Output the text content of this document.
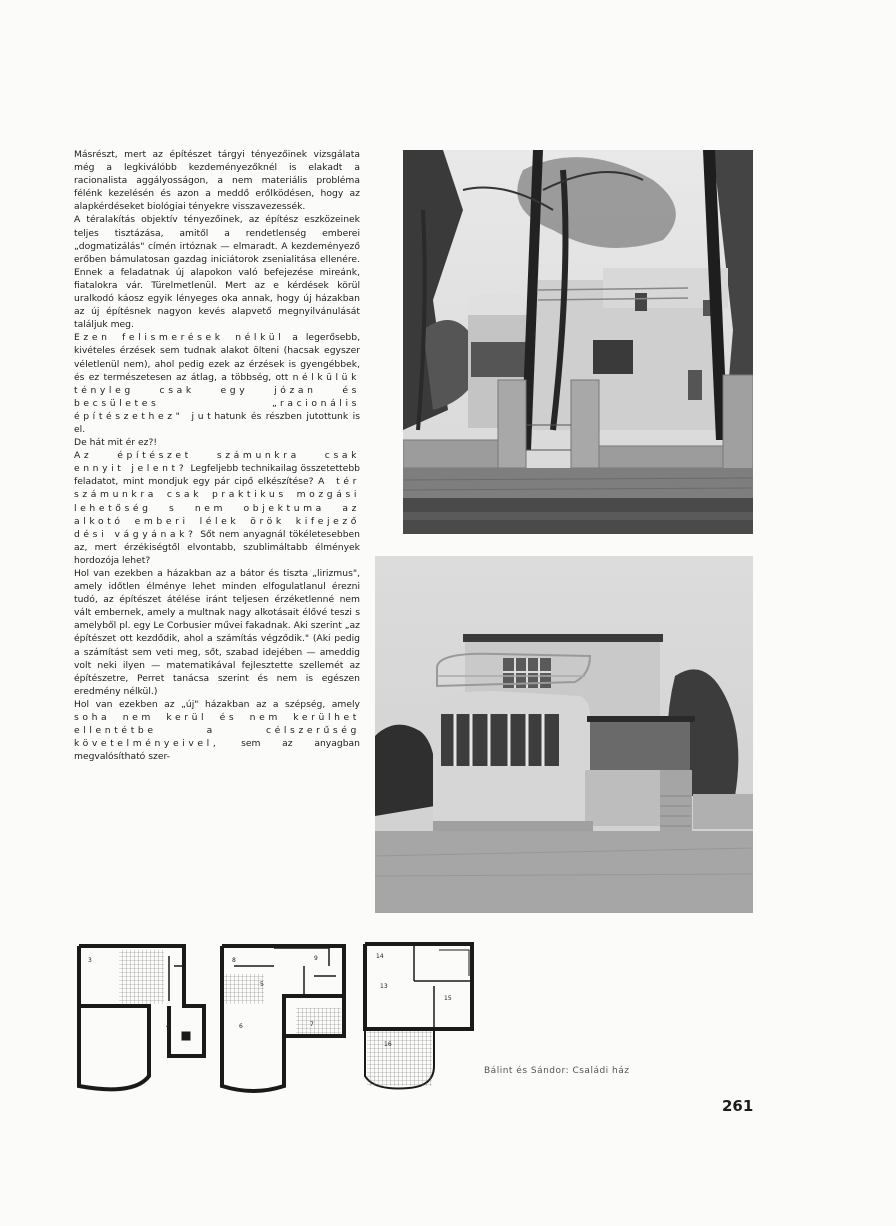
Másrészt, mert az építészet tárgyi tényezőinek vizsgálata még a legkiválóbb kezdeményezőknél is elakadt a racionalista aggályosságon, a nem materiális probléma félénk kezelésén és azon a meddő erőlködésen, hogy az alapkérdéseket biológiai tényekre visszavezessék.

A téralakítás objektív tényezőinek, az építész eszközeinek teljes tisztázása, amitől a rendetlenség emberei „dogmatizálás" címén irtóznak — elmaradt. A kezdeményező erőben bámulatosan gazdag iniciátorok zsenialitása ellenére. Ennek a feladatnak új alapokon való befejezése mireánk, fiatalokra vár. Türelmetlenül. Mert az e kérdések körül uralkodó káosz egyik lényeges oka annak, hogy új házakban az új építésnek nagyon kevés alapvető megnyilvánulását találjuk meg.

Ezen felismerések nélkül a legerősebb, kivételes érzések sem tudnak alakot ölteni (hacsak egyszer véletlenül nem), ahol pedig ezek az érzések is gyengébbek, és ez természetesen az átlag, a többség, ott nélkülük tényleg csak egy józan és becsületes „racionális építészethez" juthatunk és részben jutottunk is el.

De hát mit ér ez?!

Az építészet számunkra csak ennyit jelent? Legfeljebb technikailag összetettebb feladatot, mint mondjuk egy pár cipő elkészítése? A tér számunkra csak praktikus mozgási lehetőség s nem objektuma az alkotó emberi lélek örök kifejező dési vágyának? Sőt nem anyagnál tökéletesebben az, mert érzékiségtől elvontabb, szublimáltabb élmények hordozója lehet?

Hol van ezekben a házakban az a bátor és tiszta „lirizmus", amely időtlen élménye lehet minden elfogulatlanul érezni tudó, az építészet átélése iránt teljesen érzéketlenné nem vált embernek, amely a multnak nagy alkotásait élővé teszi s amelyből pl. egy Le Corbusier művei fakadnak. Aki szerint „az építészet ott kezdődik, ahol a számítás végződik." (Aki pedig a számítást sem veti meg, sőt, szabad idejében — ameddig volt neki ilyen — matematikával fejlesztette szellemét az építészetre, Perret tanácsa szerint és nem is egészen eredmény nélkül.)

Hol van ezekben az „új" házakban az a szépség, amely soha nem kerül és nem kerülhet ellentétbe a célszerűség követelményeivel, sem az anyagban megvalósítható szer-

3
4	6	7
8	9
5
14
13
15
16
Bálint és Sándor: Családi ház
261
